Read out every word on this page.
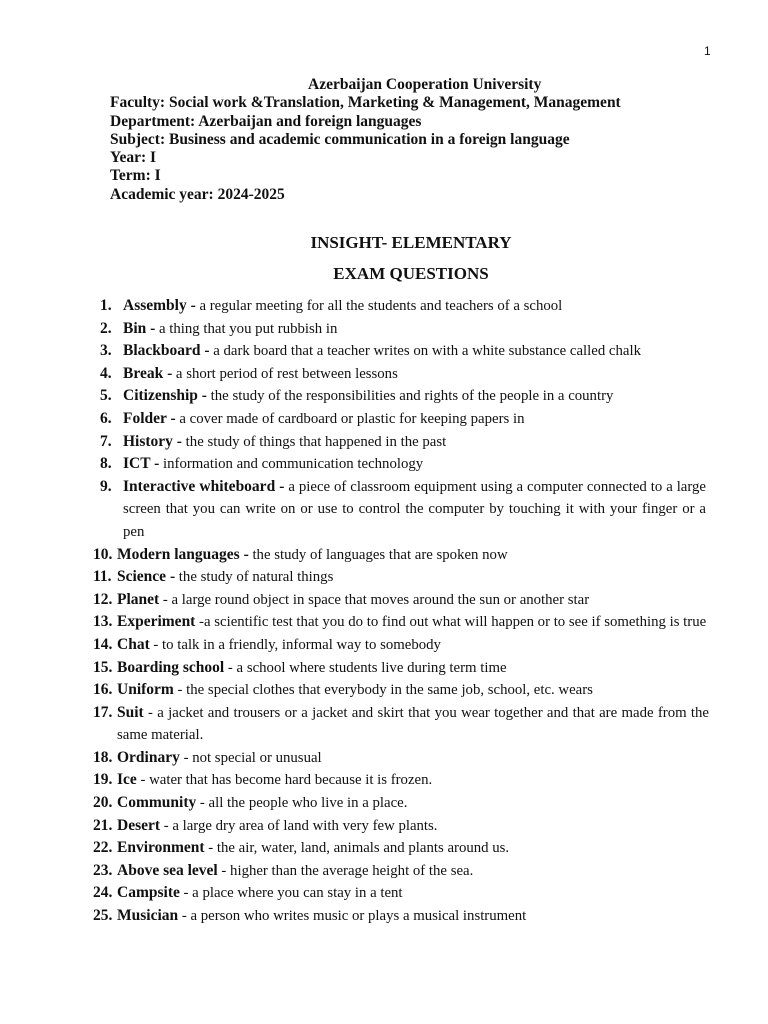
1
Azerbaijan Cooperation University
Faculty: Social work &Translation, Marketing & Management, Management
Department: Azerbaijan and foreign languages
Subject: Business and academic communication in a foreign language
Year: I
Term: I
Academic year: 2024-2025
INSIGHT- ELEMENTARY
EXAM QUESTIONS
1. Assembly - a regular meeting for all the students and teachers of a school
2. Bin - a thing that you put rubbish in
3. Blackboard - a dark board that a teacher writes on with a white substance called chalk
4. Break - a short period of rest between lessons
5. Citizenship - the study of the responsibilities and rights of the people in a country
6. Folder - a cover made of cardboard or plastic for keeping papers in
7. History - the study of things that happened in the past
8. ICT - information and communication technology
9. Interactive whiteboard - a piece of classroom equipment using a computer connected to a large screen that you can write on or use to control the computer by touching it with your finger or a pen
10. Modern languages - the study of languages that are spoken now
11. Science - the study of natural things
12. Planet - a large round object in space that moves around the sun or another star
13. Experiment -a scientific test that you do to find out what will happen or to see if something is true
14. Chat - to talk in a friendly, informal way to somebody
15. Boarding school - a school where students live during term time
16. Uniform - the special clothes that everybody in the same job, school, etc. wears
17. Suit - a jacket and trousers or a jacket and skirt that you wear together and that are made from the same material.
18. Ordinary - not special or unusual
19. Ice - water that has become hard because it is frozen.
20. Community - all the people who live in a place.
21. Desert - a large dry area of land with very few plants.
22. Environment - the air, water, land, animals and plants around us.
23. Above sea level - higher than the average height of the sea.
24. Campsite - a place where you can stay in a tent
25. Musician - a person who writes music or plays a musical instrument
